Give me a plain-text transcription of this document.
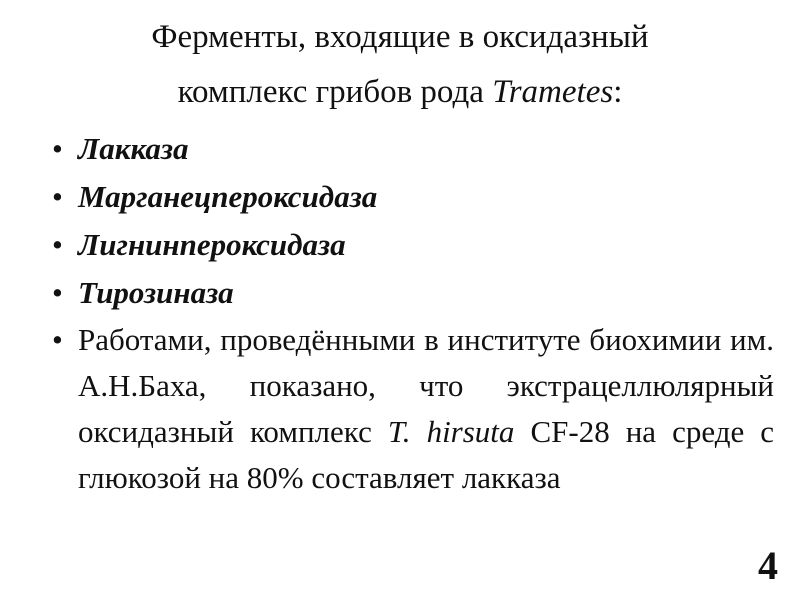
Ферменты, входящие в оксидазный
комплекс грибов рода Trametes:
• Лакказа
• Марганецпероксидаза
• Лигнинпероксидаза
• Тирозиназа
• Работами, проведёнными в институте биохимии им. А.Н.Баха, показано, что экстрацеллюлярный оксидазный комплекс T. hirsuta CF-28 на среде с глюкозой на 80% составляет лакказа
4
